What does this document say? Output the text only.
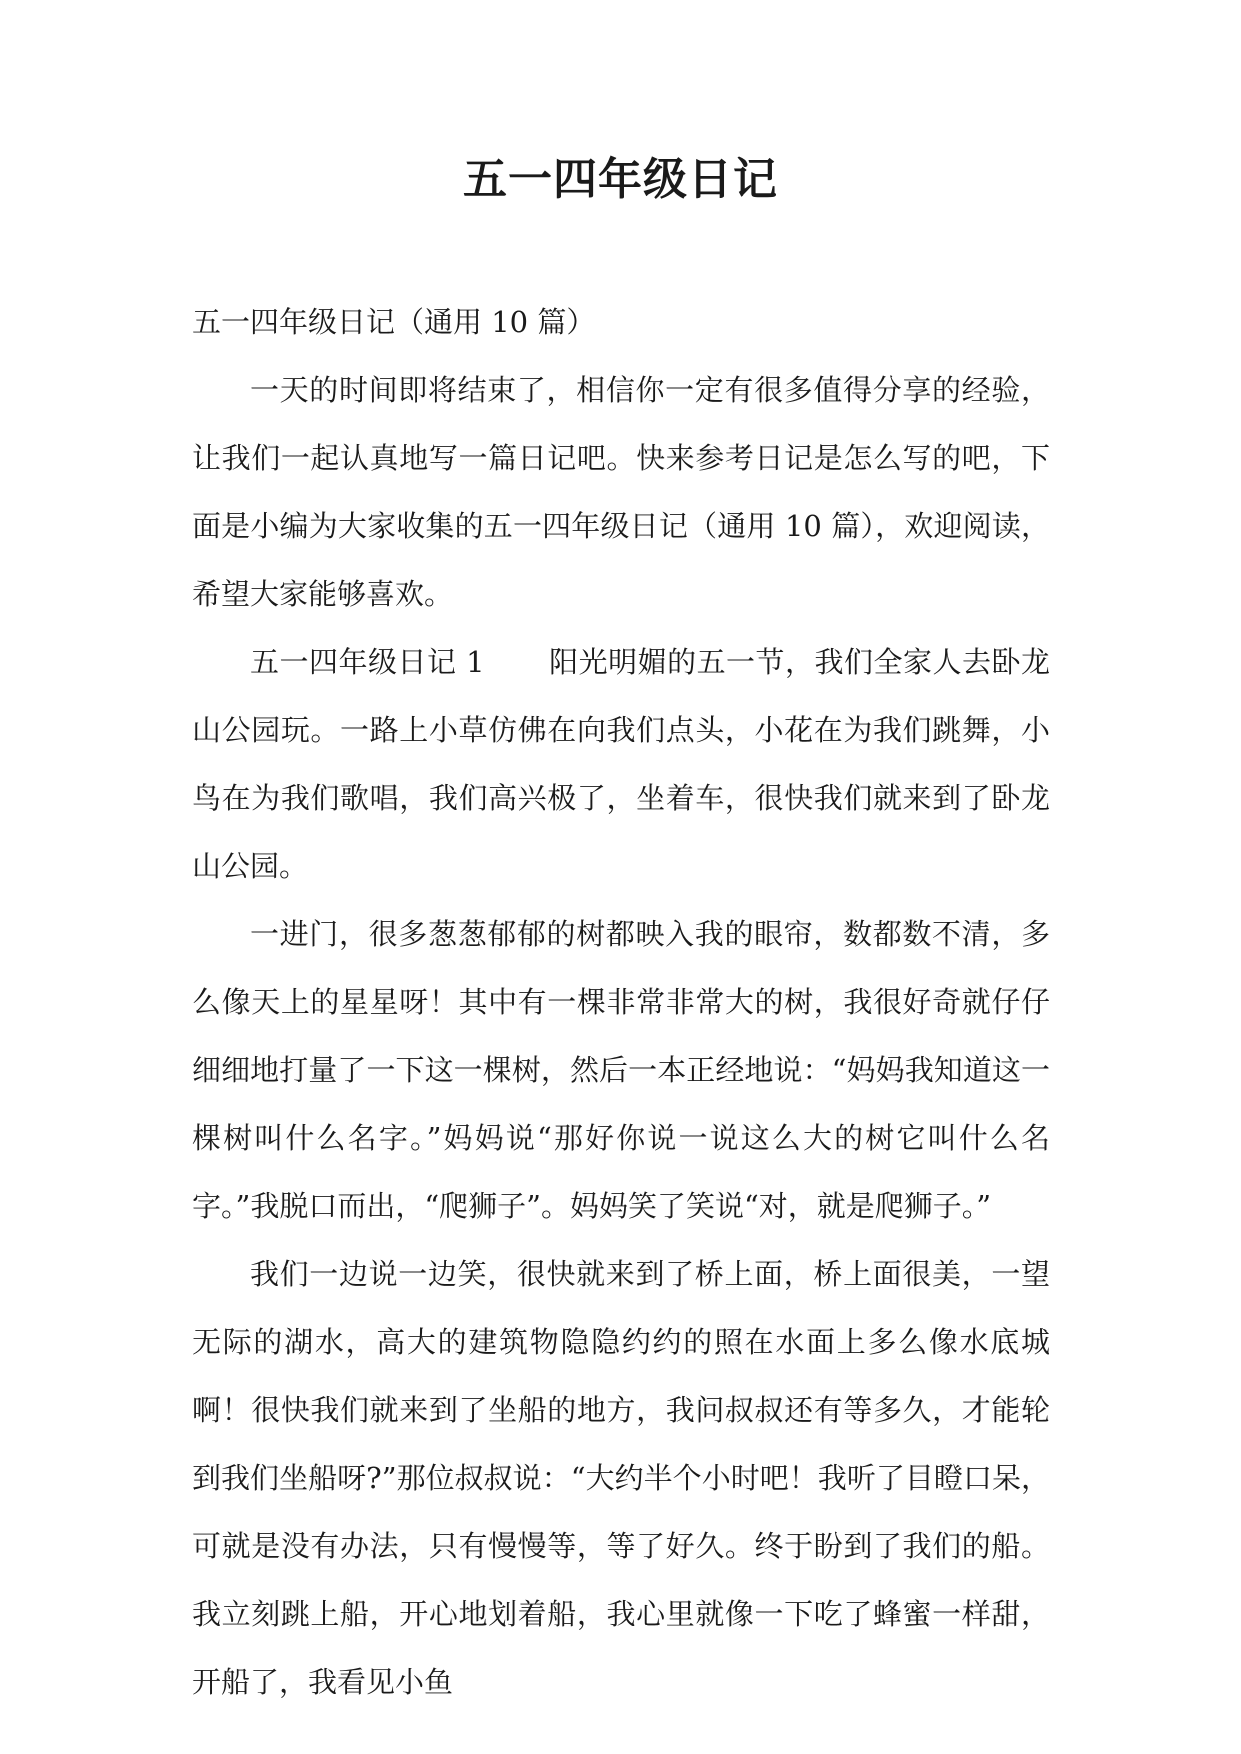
五一四年级日记

五一四年级日记（通用 10 篇）

一天的时间即将结束了，相信你一定有很多值得分享的经验，让我们一起认真地写一篇日记吧。快来参考日记是怎么写的吧，下面是小编为大家收集的五一四年级日记（通用 10 篇），欢迎阅读，希望大家能够喜欢。

五一四年级日记 1 阳光明媚的五一节，我们全家人去卧龙山公园玩。一路上小草仿佛在向我们点头，小花在为我们跳舞，小鸟在为我们歌唱，我们高兴极了，坐着车，很快我们就来到了卧龙山公园。

一进门，很多葱葱郁郁的树都映入我的眼帘，数都数不清，多么像天上的星星呀！其中有一棵非常非常大的树，我很好奇就仔仔细细地打量了一下这一棵树，然后一本正经地说：“妈妈我知道这一棵树叫什么名字。”妈妈说“那好你说一说这么大的树它叫什么名字。”我脱口而出，“爬狮子”。妈妈笑了笑说“对，就是爬狮子。”

我们一边说一边笑，很快就来到了桥上面，桥上面很美，一望无际的湖水，高大的建筑物隐隐约约的照在水面上多么像水底城啊！很快我们就来到了坐船的地方，我问叔叔还有等多久，才能轮到我们坐船呀?”那位叔叔说：“大约半个小时吧！我听了目瞪口呆，可就是没有办法，只有慢慢等，等了好久。终于盼到了我们的船。我立刻跳上船，开心地划着船，我心里就像一下吃了蜂蜜一样甜，开船了，我看见小鱼
